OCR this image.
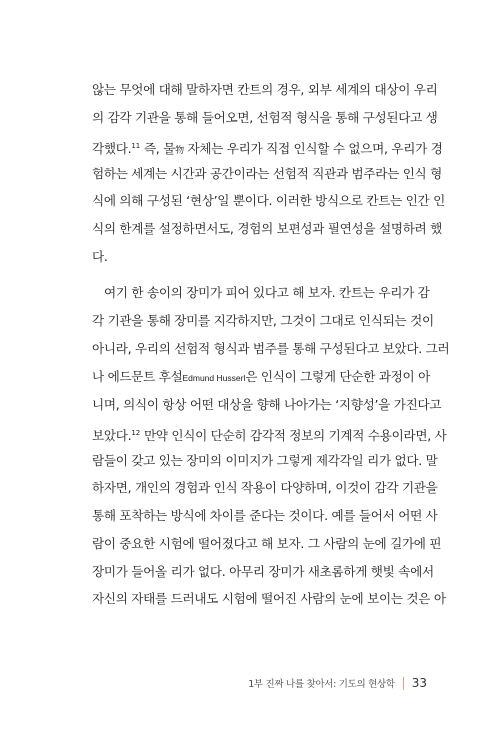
않는 무엇에 대해 말하자면 칸트의 경우, 외부 세계의 대상이 우리
의 감각 기관을 통해 들어오면, 선험적 형식을 통해 구성된다고 생
각했다.$^{11}$ 즉, 물物 자체는 우리가 직접 인식할 수 없으며, 우리가 경
험하는 세계는 시간과 공간이라는 선험적 직관과 범주라는 인식 형
식에 의해 구성된 ‘현상’일 뿐이다. 이러한 방식으로 칸트는 인간 인
식의 한계를 설정하면서도, 경험의 보편성과 필연성을 설명하려 했
다.
여기 한 송이의 장미가 피어 있다고 해 보자. 칸트는 우리가 감
각 기관을 통해 장미를 지각하지만, 그것이 그대로 인식되는 것이
아니라, 우리의 선험적 형식과 범주를 통해 구성된다고 보았다. 그러
나 에드문트 후설Edmund Husserl은 인식이 그렇게 단순한 과정이 아
니며, 의식이 항상 어떤 대상을 향해 나아가는 ‘지향성’을 가진다고
보았다.$^{12}$ 만약 인식이 단순히 감각적 정보의 기계적 수용이라면, 사
람들이 갖고 있는 장미의 이미지가 그렇게 제각각일 리가 없다. 말
하자면, 개인의 경험과 인식 작용이 다양하며, 이것이 감각 기관을
통해 포착하는 방식에 차이를 준다는 것이다. 예를 들어서 어떤 사
람이 중요한 시험에 떨어졌다고 해 보자. 그 사람의 눈에 길가에 핀
장미가 들어올 리가 없다. 아무리 장미가 새초롬하게 햇빛 속에서
자신의 자태를 드러내도 시험에 떨어진 사람의 눈에 보이는 것은 아
1부 진짜 나를 찾아서: 기도의 현상학 33
